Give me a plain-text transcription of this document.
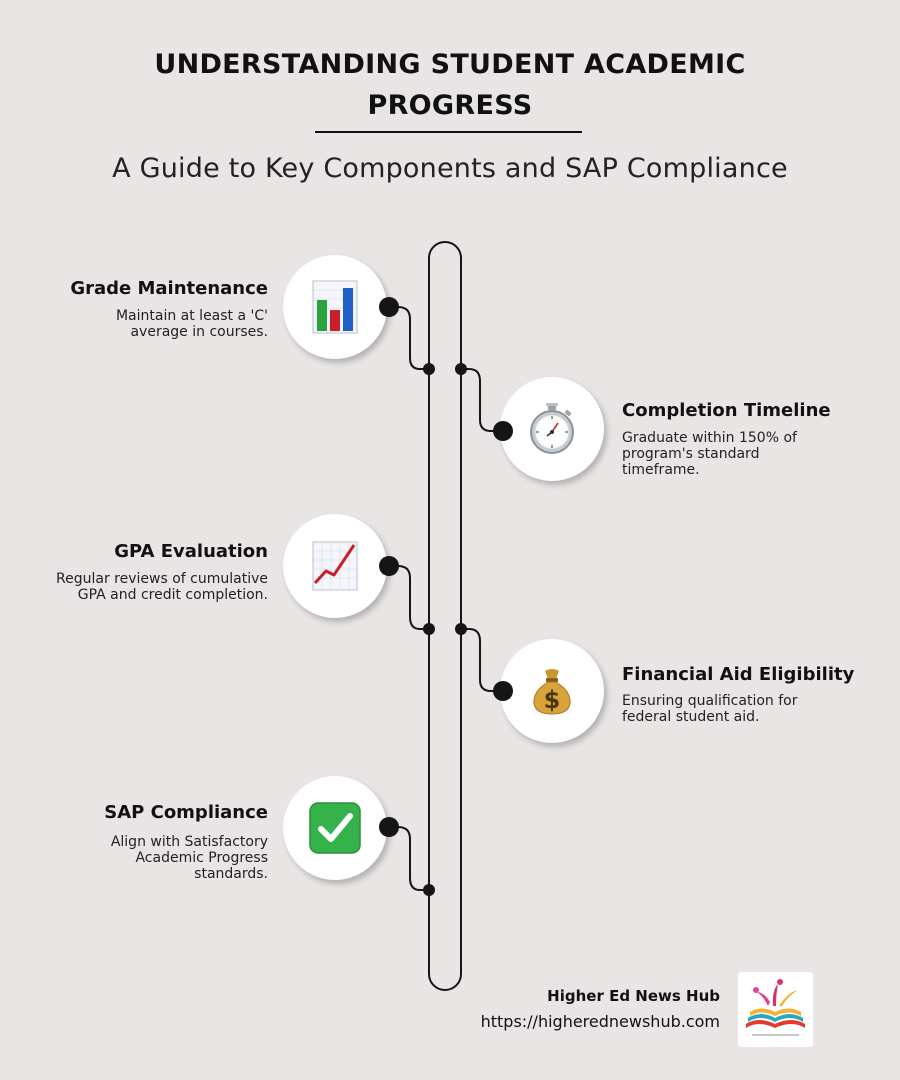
UNDERSTANDING STUDENT ACADEMIC PROGRESS
A Guide to Key Components and SAP Compliance
Grade Maintenance
Maintain at least a 'C' average in courses.
Completion Timeline
Graduate within 150% of program's standard timeframe.
GPA Evaluation
Regular reviews of cumulative GPA and credit completion.
$
Financial Aid Eligibility
Ensuring qualification for federal student aid.
SAP Compliance
Align with Satisfactory Academic Progress standards.
Higher Ed News Hub
https://higherednewshub.com
